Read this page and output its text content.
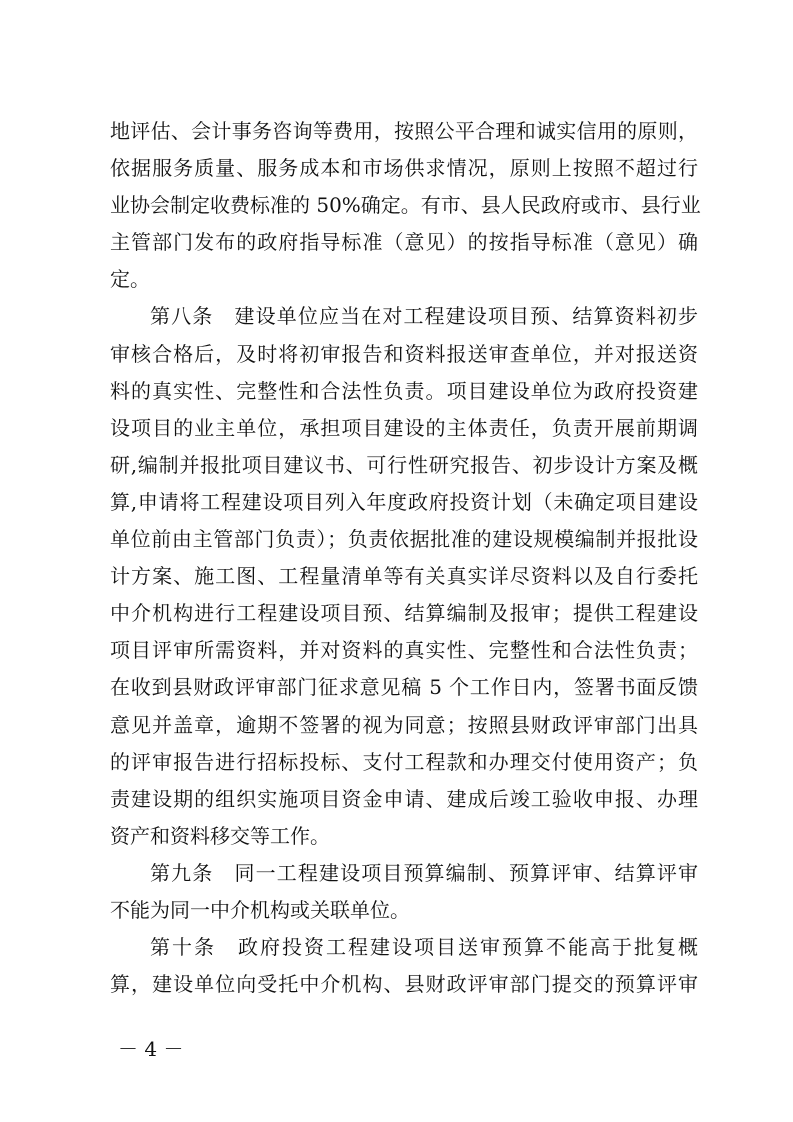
地评估、会计事务咨询等费用，按照公平合理和诚实信用的原则，
依据服务质量、服务成本和市场供求情况，原则上按照不超过行
业协会制定收费标准的 50%确定。有市、县人民政府或市、县行业
主管部门发布的政府指导标准（意见）的按指导标准（意见）确
定。
第八条　建设单位应当在对工程建设项目预、结算资料初步
审核合格后，及时将初审报告和资料报送审查单位，并对报送资
料的真实性、完整性和合法性负责。项目建设单位为政府投资建
设项目的业主单位，承担项目建设的主体责任，负责开展前期调
研,编制并报批项目建议书、可行性研究报告、初步设计方案及概
算,申请将工程建设项目列入年度政府投资计划（未确定项目建设
单位前由主管部门负责）；负责依据批准的建设规模编制并报批设
计方案、施工图、工程量清单等有关真实详尽资料以及自行委托
中介机构进行工程建设项目预、结算编制及报审；提供工程建设
项目评审所需资料，并对资料的真实性、完整性和合法性负责；
在收到县财政评审部门征求意见稿 5 个工作日内，签署书面反馈
意见并盖章，逾期不签署的视为同意；按照县财政评审部门出具
的评审报告进行招标投标、支付工程款和办理交付使用资产；负
责建设期的组织实施项目资金申请、建成后竣工验收申报、办理
资产和资料移交等工作。
第九条　同一工程建设项目预算编制、预算评审、结算评审
不能为同一中介机构或关联单位。
第十条　政府投资工程建设项目送审预算不能高于批复概
算，建设单位向受托中介机构、县财政评审部门提交的预算评审
－ 4 －
